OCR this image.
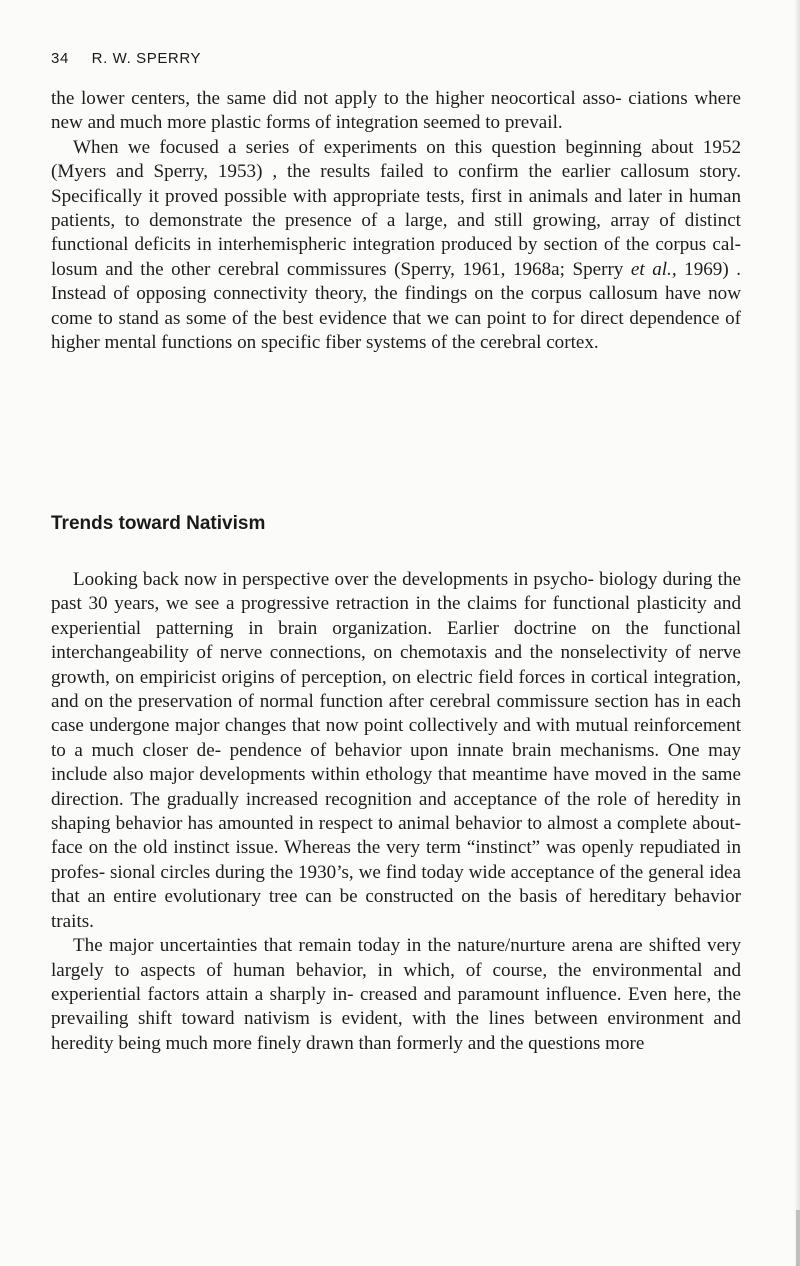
34 R. W. SPERRY

the lower centers, the same did not apply to the higher neocortical asso- ciations where new and much more plastic forms of integration seemed to prevail.

When we focused a series of experiments on this question beginning about 1952 (Myers and Sperry, 1953) , the results failed to confirm the earlier callosum story. Specifically it proved possible with appropriate tests, first in animals and later in human patients, to demonstrate the presence of a large, and still growing, array of distinct functional deficits in interhemispheric integration produced by section of the corpus cal- losum and the other cerebral commissures (Sperry, 1961, 1968a; Sperry et al., 1969) . Instead of opposing connectivity theory, the findings on the corpus callosum have now come to stand as some of the best evidence that we can point to for direct dependence of higher mental functions on specific fiber systems of the cerebral cortex.

Trends toward Nativism

Looking back now in perspective over the developments in psycho- biology during the past 30 years, we see a progressive retraction in the claims for functional plasticity and experiential patterning in brain organization. Earlier doctrine on the functional interchangeability of nerve connections, on chemotaxis and the nonselectivity of nerve growth, on empiricist origins of perception, on electric field forces in cortical integration, and on the preservation of normal function after cerebral commissure section has in each case undergone major changes that now point collectively and with mutual reinforcement to a much closer de- pendence of behavior upon innate brain mechanisms. One may include also major developments within ethology that meantime have moved in the same direction. The gradually increased recognition and acceptance of the role of heredity in shaping behavior has amounted in respect to animal behavior to almost a complete about-face on the old instinct issue. Whereas the very term “instinct” was openly repudiated in profes- sional circles during the 1930’s, we find today wide acceptance of the general idea that an entire evolutionary tree can be constructed on the basis of hereditary behavior traits.

The major uncertainties that remain today in the nature/nurture arena are shifted very largely to aspects of human behavior, in which, of course, the environmental and experiential factors attain a sharply in- creased and paramount influence. Even here, the prevailing shift toward nativism is evident, with the lines between environment and heredity being much more finely drawn than formerly and the questions more
